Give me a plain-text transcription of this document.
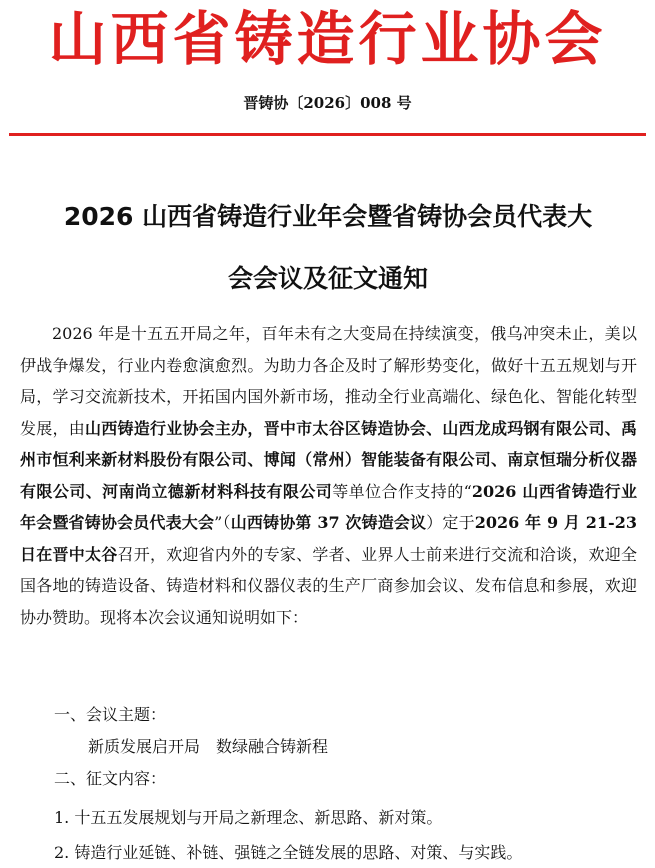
山西省铸造行业协会
晋铸协〔2026〕008 号
2026 山西省铸造行业年会暨省铸协会员代表大
会会议及征文通知

2026 年是十五五开局之年，百年未有之大变局在持续演变，俄乌冲突未止，美以伊战争爆发，行业内卷愈演愈烈。为助力各企及时了解形势变化，做好十五五规划与开局，学习交流新技术，开拓国内国外新市场，推动全行业高端化、绿色化、智能化转型发展，由山西铸造行业协会主办，晋中市太谷区铸造协会、山西龙成玛钢有限公司、禹州市恒利来新材料股份有限公司、博闻（常州）智能装备有限公司、南京恒瑞分析仪器有限公司、河南尚立德新材料科技有限公司等单位合作支持的“2026 山西省铸造行业年会暨省铸协会员代表大会”（山西铸协第 37 次铸造会议）定于2026 年 9 月 21-23 日在晋中太谷召开，欢迎省内外的专家、学者、业界人士前来进行交流和洽谈，欢迎全国各地的铸造设备、铸造材料和仪器仪表的生产厂商参加会议、发布信息和参展，欢迎协办赞助。现将本次会议通知说明如下：

一、会议主题：
新质发展启开局　数绿融合铸新程
二、征文内容：
1. 十五五发展规划与开局之新理念、新思路、新对策。
2. 铸造行业延链、补链、强链之全链发展的思路、对策、与实践。
